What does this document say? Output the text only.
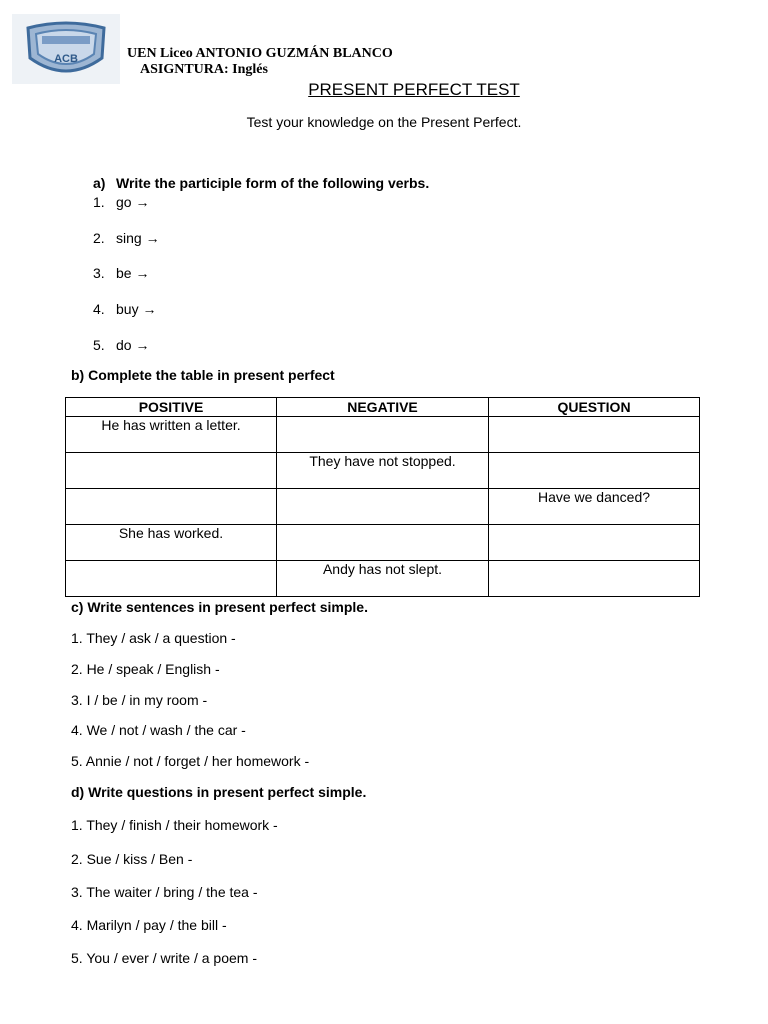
ACB	UEN Liceo ANTONIO GUZMÁN BLANCO
ASIGNTURA: Inglés
PRESENT PERFECT TEST
Test your knowledge on the Present Perfect.
a) Write the participle form of the following verbs.
1. go →
2. sing →
3. be →
4. buy →
5. do →
b) Complete the table in present perfect
POSITIVE	NEGATIVE	QUESTION

He has written a letter.		

	They have not stopped.	

		Have we danced?

She has worked.		

	Andy has not slept.	

c) Write sentences in present perfect simple.
1. They / ask / a question -
2. He / speak / English -
3. I / be / in my room -
4. We / not / wash / the car -
5. Annie / not / forget / her homework -
d) Write questions in present perfect simple.
1. They / finish / their homework -
2. Sue / kiss / Ben -
3. The waiter / bring / the tea -
4. Marilyn / pay / the bill -
5. You / ever / write / a poem -
